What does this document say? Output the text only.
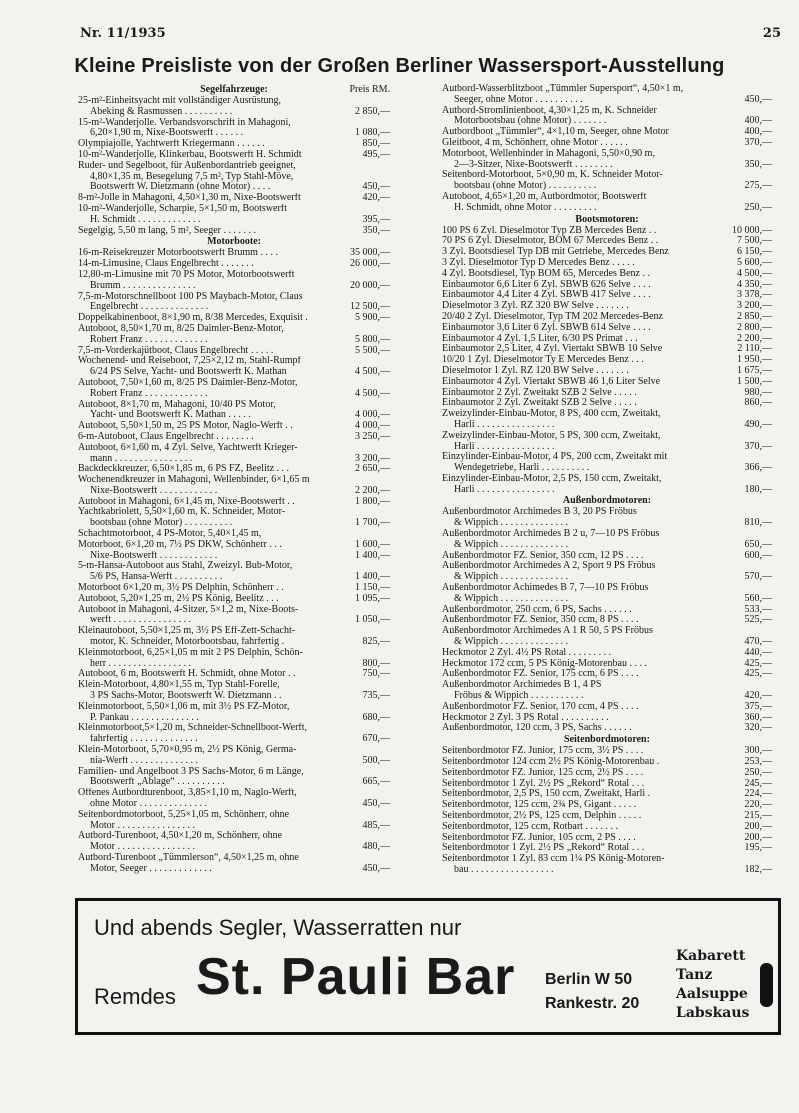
Nr. 11/1935	25
Kleine Preisliste von der Großen Berliner Wassersport-Ausstellung
Segelfahrzeuge:	Preis RM.
25-m²-Einheitsyacht mit vollständiger Ausrüstung,
Abeking & Rasmussen . . . . . . . . . .	2 850,—
15-m²-Wanderjolle. Verbandsvorschrift in Mahagoni,
6,20×1,90 m, Nixe-Bootswerft . . . . . .	1 080,—
Olympiajolle, Yachtwerft Kriegermann . . . . . .	850,—
10-m²-Wanderjolle, Klinkerbau, Bootswerft H. Schmidt	495,—
Ruder- und Segelboot, für Außenbordantrieb geeignet,
4,80×1,35 m, Besegelung 7,5 m², Typ Stahl-Möve,
Bootswerft W. Dietzmann (ohne Motor) . . . .	450,—
8-m²-Jolle in Mahagoni, 4,50×1,30 m, Nixe-Bootswerft	420,—
10-m²-Wanderjolle, Scharpie, 5×1,50 m, Bootswerft
H. Schmidt . . . . . . . . . . . . .	395,—
Segelgig, 5,50 m lang, 5 m², Seeger . . . . . . .	350,—
Motorboote:
16-m-Reisekreuzer Motorbootswerft Brumm . . . .	35 000,—
14-m-Limusine, Claus Engelbrecht . . . . . . .	26 000,—
12,80-m-Limusine mit 70 PS Motor, Motorbootswerft
Brumm . . . . . . . . . . . . . . .	20 000,—
7,5-m-Motorschnellboot 100 PS Maybach-Motor, Claus
Engelbrecht . . . . . . . . . . . . . .	12 500,—
Doppelkabinenboot, 8×1,90 m, 8/38 Mercedes, Exquisit .	5 900,—
Autoboot, 8,50×1,70 m, 8/25 Daimler-Benz-Motor,
Robert Franz . . . . . . . . . . . . .	5 800,—
7,5-m-Vorderkajütboot, Claus Engelbrecht . . . . .	5 500,—
Wochenend- und Reiseboot, 7,25×2,12 m, Stahl-Rumpf
6/24 PS Selve, Yacht- und Bootswerft K. Mathan	4 500,—
Autoboot, 7,50×1,60 m, 8/25 PS Daimler-Benz-Motor,
Robert Franz . . . . . . . . . . . . .	4 500,—
Autoboot, 8×1,70 m, Mahagoni, 10/40 PS Motor,
Yacht- und Bootswerft K. Mathan . . . . .	4 000,—
Autoboot, 5,50×1,50 m, 25 PS Motor, Naglo-Werft . .	4 000,—
6-m-Autoboot, Claus Engelbrecht . . . . . . . .	3 250,—
Autoboot, 6×1,60 m, 4 Zyl. Selve, Yachtwerft Krieger-
mann . . . . . . . . . . . . . . . .	3 200,—
Backdeckkreuzer, 6,50×1,85 m, 6 PS FZ, Beelitz . . .	2 650,—
Wochenendkreuzer in Mahagoni, Wellenbinder, 6×1,65 m
Nixe-Bootswerft . . . . . . . . . . . .	2 200,—
Autoboot in Mahagoni, 6×1,45 m, Nixe-Bootswerft . .	1 800,—
Yachtkabriolett, 5,50×1,60 m, K. Schneider, Motor-
bootsbau (ohne Motor) . . . . . . . . . .	1 700,—
Schachtmotorboot, 4 PS-Motor, 5,40×1,45 m,
Motorboot, 6×1,20 m, 7½ PS DKW, Schönherr . . .	1 600,—
Nixe-Bootswerft . . . . . . . . . . . .	1 400,—
5-m-Hansa-Autoboot aus Stahl, Zweizyl. Bub-Motor,
5/6 PS, Hansa-Werft . . . . . . . . . .	1 400,—
Motorboot 6×1,20 m, 3½ PS Delphin, Schönherr . .	1 150,—
Autoboot, 5,20×1,25 m, 2½ PS König, Beelitz . . .	1 095,—
Autoboot in Mahagoni, 4-Sitzer, 5×1,2 m, Nixe-Boots-
werft . . . . . . . . . . . . . . . .	1 050,—
Kleinautoboot, 5,50×1,25 m, 3½ PS Eff-Zett-Schacht-
motor, K. Schneider, Motorbootsbau, fahrfertig .	825,—
Kleinmotorboot, 6,25×1,05 m mit 2 PS Delphin, Schön-
herr . . . . . . . . . . . . . . . . .	800,—
Autoboot, 6 m, Bootswerft H. Schmidt, ohne Motor . .	750,—
Klein-Motorboot, 4,80×1,55 m, Typ Stahl-Forelle,
3 PS Sachs-Motor, Bootswerft W. Dietzmann . .	735,—
Kleinmotorboot, 5,50×1,06 m, mit 3½ PS FZ-Motor,
P. Pankau . . . . . . . . . . . . . .	680,—
Kleinmotorboot,5×1,20 m, Schneider-Schnellboot-Werft,
fahrfertig . . . . . . . . . . . . . .	670,—
Klein-Motorboot, 5,70×0,95 m, 2½ PS König, Germa-
nia-Werft . . . . . . . . . . . . . .	500,—
Familien- und Angelboot 3 PS Sachs-Motor, 6 m Länge,
Bootswerft „Ablage“ . . . . . . . . . .	665,—
Offenes Autbordturenboot, 3,85×1,10 m, Naglo-Werft,
ohne Motor . . . . . . . . . . . . . .	450,—
Seitenbordmotorboot, 5,25×1,05 m, Schönherr, ohne
Motor . . . . . . . . . . . . . . . .	485,—
Autbord-Turenboot, 4,50×1,20 m, Schönherr, ohne
Motor . . . . . . . . . . . . . . . .	480,—
Autbord-Turenboot „Tümmlerson“, 4,50×1,25 m, ohne
Motor, Seeger . . . . . . . . . . . . .	450,—
Autbord-Wasserblitzboot „Tümmler Supersport“, 4,50×1 m,
Seeger, ohne Motor . . . . . . . . . .	450,—
Autbord-Stromlinienboot, 4,30×1,25 m, K. Schneider
Motorbootsbau (ohne Motor) . . . . . . .	400,—
Autbordboot „Tümmler“, 4×1,10 m, Seeger, ohne Motor	400,—
Gleitboot, 4 m, Schönherr, ohne Motor . . . . . .	370,—
Motorboot, Wellenbinder in Mahagoni, 5,50×0,90 m,
2—3-Sitzer, Nixe-Bootswerft . . . . . . . .	350,—
Seitenbord-Motorboot, 5×0,90 m, K. Schneider Motor-
bootsbau (ohne Motor) . . . . . . . . . .	275,—
Autoboot, 4,65×1,20 m, Autbordmotor, Bootswerft
H. Schmidt, ohne Motor . . . . . . . . .	250,—
Bootsmotoren:
100 PS 6 Zyl. Dieselmotor Typ ZB Mercedes Benz . .	10 000,—
70 PS 6 Zyl. Dieselmotor, BOM 67 Mercedes Benz . .	7 500,—
3 Zyl. Bootsdiesel Typ DB mit Getriebe, Mercedes Benz	6 150,—
3 Zyl. Dieselmotor Typ D Mercedes Benz . . . . .	5 600,—
4 Zyl. Bootsdiesel, Typ BOM 65, Mercedes Benz . .	4 500,—
Einbaumotor 6,6 Liter 6 Zyl. SBWB 626 Selve . . . .	4 350,—
Einbaumotor 4,4 Liter 4 Zyl. SBWB 417 Selve . . . .	3 378,—
Dieselmotor 3 Zyl. RZ 320 BW Selve . . . . . . .	3 200,—
20/40 2 Zyl. Dieselmotor, Typ TM 202 Mercedes-Benz	2 850,—
Einbaumotor 3,6 Liter 6 Zyl. SBWB 614 Selve . . . .	2 800,—
Einbaumotor 4 Zyl. 1,5 Liter, 6/30 PS Primat . . .	2 200,—
Einbaumotor 2,5 Liter, 4 Zyl. Viertakt SBWB 10 Selve	2 110,—
10/20 1 Zyl. Dieselmotor Ty E Mercedes Benz . . .	1 950,—
Dieselmotor 1 Zyl. RZ 120 BW Selve . . . . . . .	1 675,—
Einbaumotor 4 Zyl. Viertakt SBWB 46 1,6 Liter Selve	1 500,—
Einbaumotor 2 Zyl. Zweitakt SZB 2 Selve . . . . .	980,—
Einbaumotor 2 Zyl. Zweitakt SZB 2 Selve . . . . .	860,—
Zweizylinder-Einbau-Motor, 8 PS, 400 ccm, Zweitakt,
Harli . . . . . . . . . . . . . . . .	490,—
Zweizylinder-Einbau-Motor, 5 PS, 300 ccm, Zweitakt,
Harli . . . . . . . . . . . . . . . .	370,—
Einzylinder-Einbau-Motor, 4 PS, 200 ccm, Zweitakt mit
Wendegetriebe, Harli . . . . . . . . . .	366,—
Einzylinder-Einbau-Motor, 2,5 PS, 150 ccm, Zweitakt,
Harli . . . . . . . . . . . . . . . .	180,—
Außenbordmotoren:
Außenbordmotor Archimedes B 3, 20 PS Fröbus
& Wippich . . . . . . . . . . . . . .	810,—
Außenbordmotor Archimedes B 2 u, 7—10 PS Fröbus
& Wippich . . . . . . . . . . . . . .	650,—
Außenbordmotor FZ. Senior, 350 ccm, 12 PS . . . .	600,—
Außenbordmotor Archimedes A 2, Sport 9 PS Fröbus
& Wippich . . . . . . . . . . . . . .	570,—
Außenbordmotor Achimedes B 7, 7—10 PS Fröbus
& Wippich . . . . . . . . . . . . . .	560,—
Außenbordmotor, 250 ccm, 6 PS, Sachs . . . . . .	533,—
Außenbordmotor FZ. Senior, 350 ccm, 8 PS . . . .	525,—
Außenbordmotor Archimedes A 1 R 50, 5 PS Fröbus
& Wippich . . . . . . . . . . . . . .	470,—
Heckmotor 2 Zyl. 4½ PS Rotal . . . . . . . . .	440,—
Heckmotor 172 ccm, 5 PS König-Motorenbau . . . .	425,—
Außenbordmotor FZ. Senior, 175 ccm, 6 PS . . . .	425,—
Außenbordmotor Archimedes B 1, 4 PS
Fröbus & Wippich . . . . . . . . . . .	420,—
Außenbordmotor FZ. Senior, 170 ccm, 4 PS . . . .	375,—
Heckmotor 2 Zyl. 3 PS Rotal . . . . . . . . . .	360,—
Außenbordmotor, 120 ccm, 3 PS, Sachs . . . . . .	320,—
Seitenbordmotoren:
Seitenbordmotor FZ. Junior, 175 ccm, 3½ PS . . . .	300,—
Seitenbordmotor 124 ccm 2½ PS König-Motorenbau .	253,—
Seitenbordmotor FZ. Junior, 125 ccm, 2½ PS . . . .	250,—
Seitenbordmotor 1 Zyl. 2½ PS „Rekord“ Rotal . . .	245,—
Seitenbordmotor, 2,5 PS, 150 ccm, Zweitakt, Harli .	224,—
Seitenbordmotor, 125 ccm, 2¾ PS, Gigant . . . . .	220,—
Seitenbordmotor, 2½ PS, 125 ccm, Delphin . . . . .	215,—
Seitenbordmotor, 125 ccm, Rotbart . . . . . . .	200,—
Seitenbordmotor FZ. Junior, 105 ccm, 2 PS . . . .	200,—
Seitenbordmotor 1 Zyl. 2½ PS „Rekord“ Rotal . . .	195,—
Seitenbordmotor 1 Zyl. 83 ccm 1¼ PS König-Motoren-
bau . . . . . . . . . . . . . . . . .	182,—
Und abends Segler, Wasserratten nur
Remdes St. Pauli Bar Berlin W 50
Rankestr. 20
Kabarett
Tanz
Aalsuppe
Labskaus
